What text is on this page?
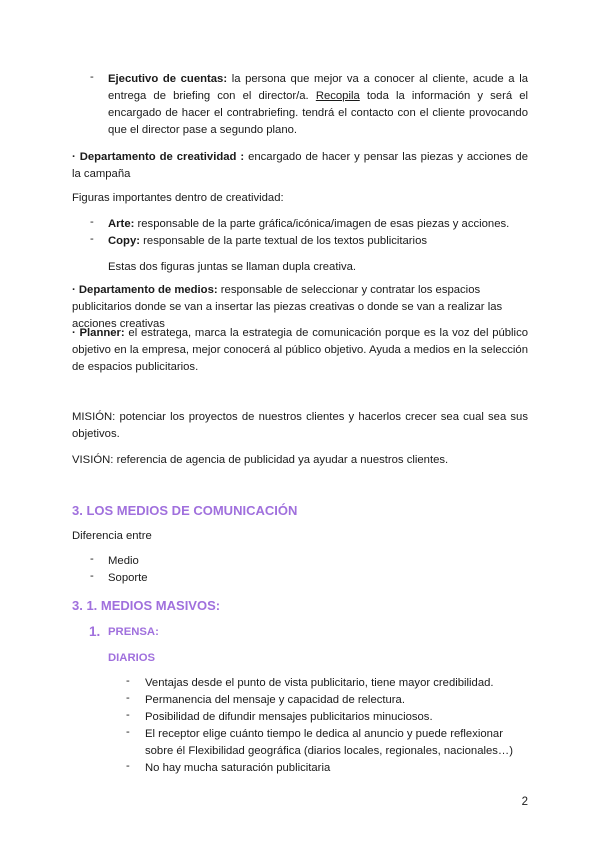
-	Ejecutivo de cuentas: la persona que mejor va a conocer al cliente, acude a la entrega de briefing con el director/a. Recopila toda la información y será el encargado de hacer el contrabriefing. tendrá el contacto con el cliente provocando que el director pase a segundo plano.
· Departamento de creatividad : encargado de hacer y pensar las piezas y acciones de la campaña
Figuras importantes dentro de creatividad:
-	Arte: responsable de la parte gráfica/icónica/imagen de esas piezas y acciones.
-	Copy: responsable de la parte textual de los textos publicitarios
Estas dos figuras juntas se llaman dupla creativa.
· Departamento de medios: responsable de seleccionar y contratar los espacios publicitarios donde se van a insertar las piezas creativas o donde se van a realizar las acciones creativas
· Planner: el estratega, marca la estrategia de comunicación porque es la voz del público objetivo en la empresa, mejor conocerá al público objetivo. Ayuda a medios en la selección de espacios publicitarios.
MISIÓN: potenciar los proyectos de nuestros clientes y hacerlos crecer sea cual sea sus objetivos.
VISIÓN: referencia de agencia de publicidad ya ayudar a nuestros clientes.
3. LOS MEDIOS DE COMUNICACIÓN
Diferencia entre
-	Medio
-	Soporte
3. 1. MEDIOS MASIVOS:
1. PRENSA:
DIARIOS
-	Ventajas desde el punto de vista publicitario, tiene mayor credibilidad.
-	Permanencia del mensaje y capacidad de relectura.
-	Posibilidad de difundir mensajes publicitarios minuciosos.
-	El receptor elige cuánto tiempo le dedica al anuncio y puede reflexionar sobre él Flexibilidad geográfica (diarios locales, regionales, nacionales…)
-	No hay mucha saturación publicitaria
2
